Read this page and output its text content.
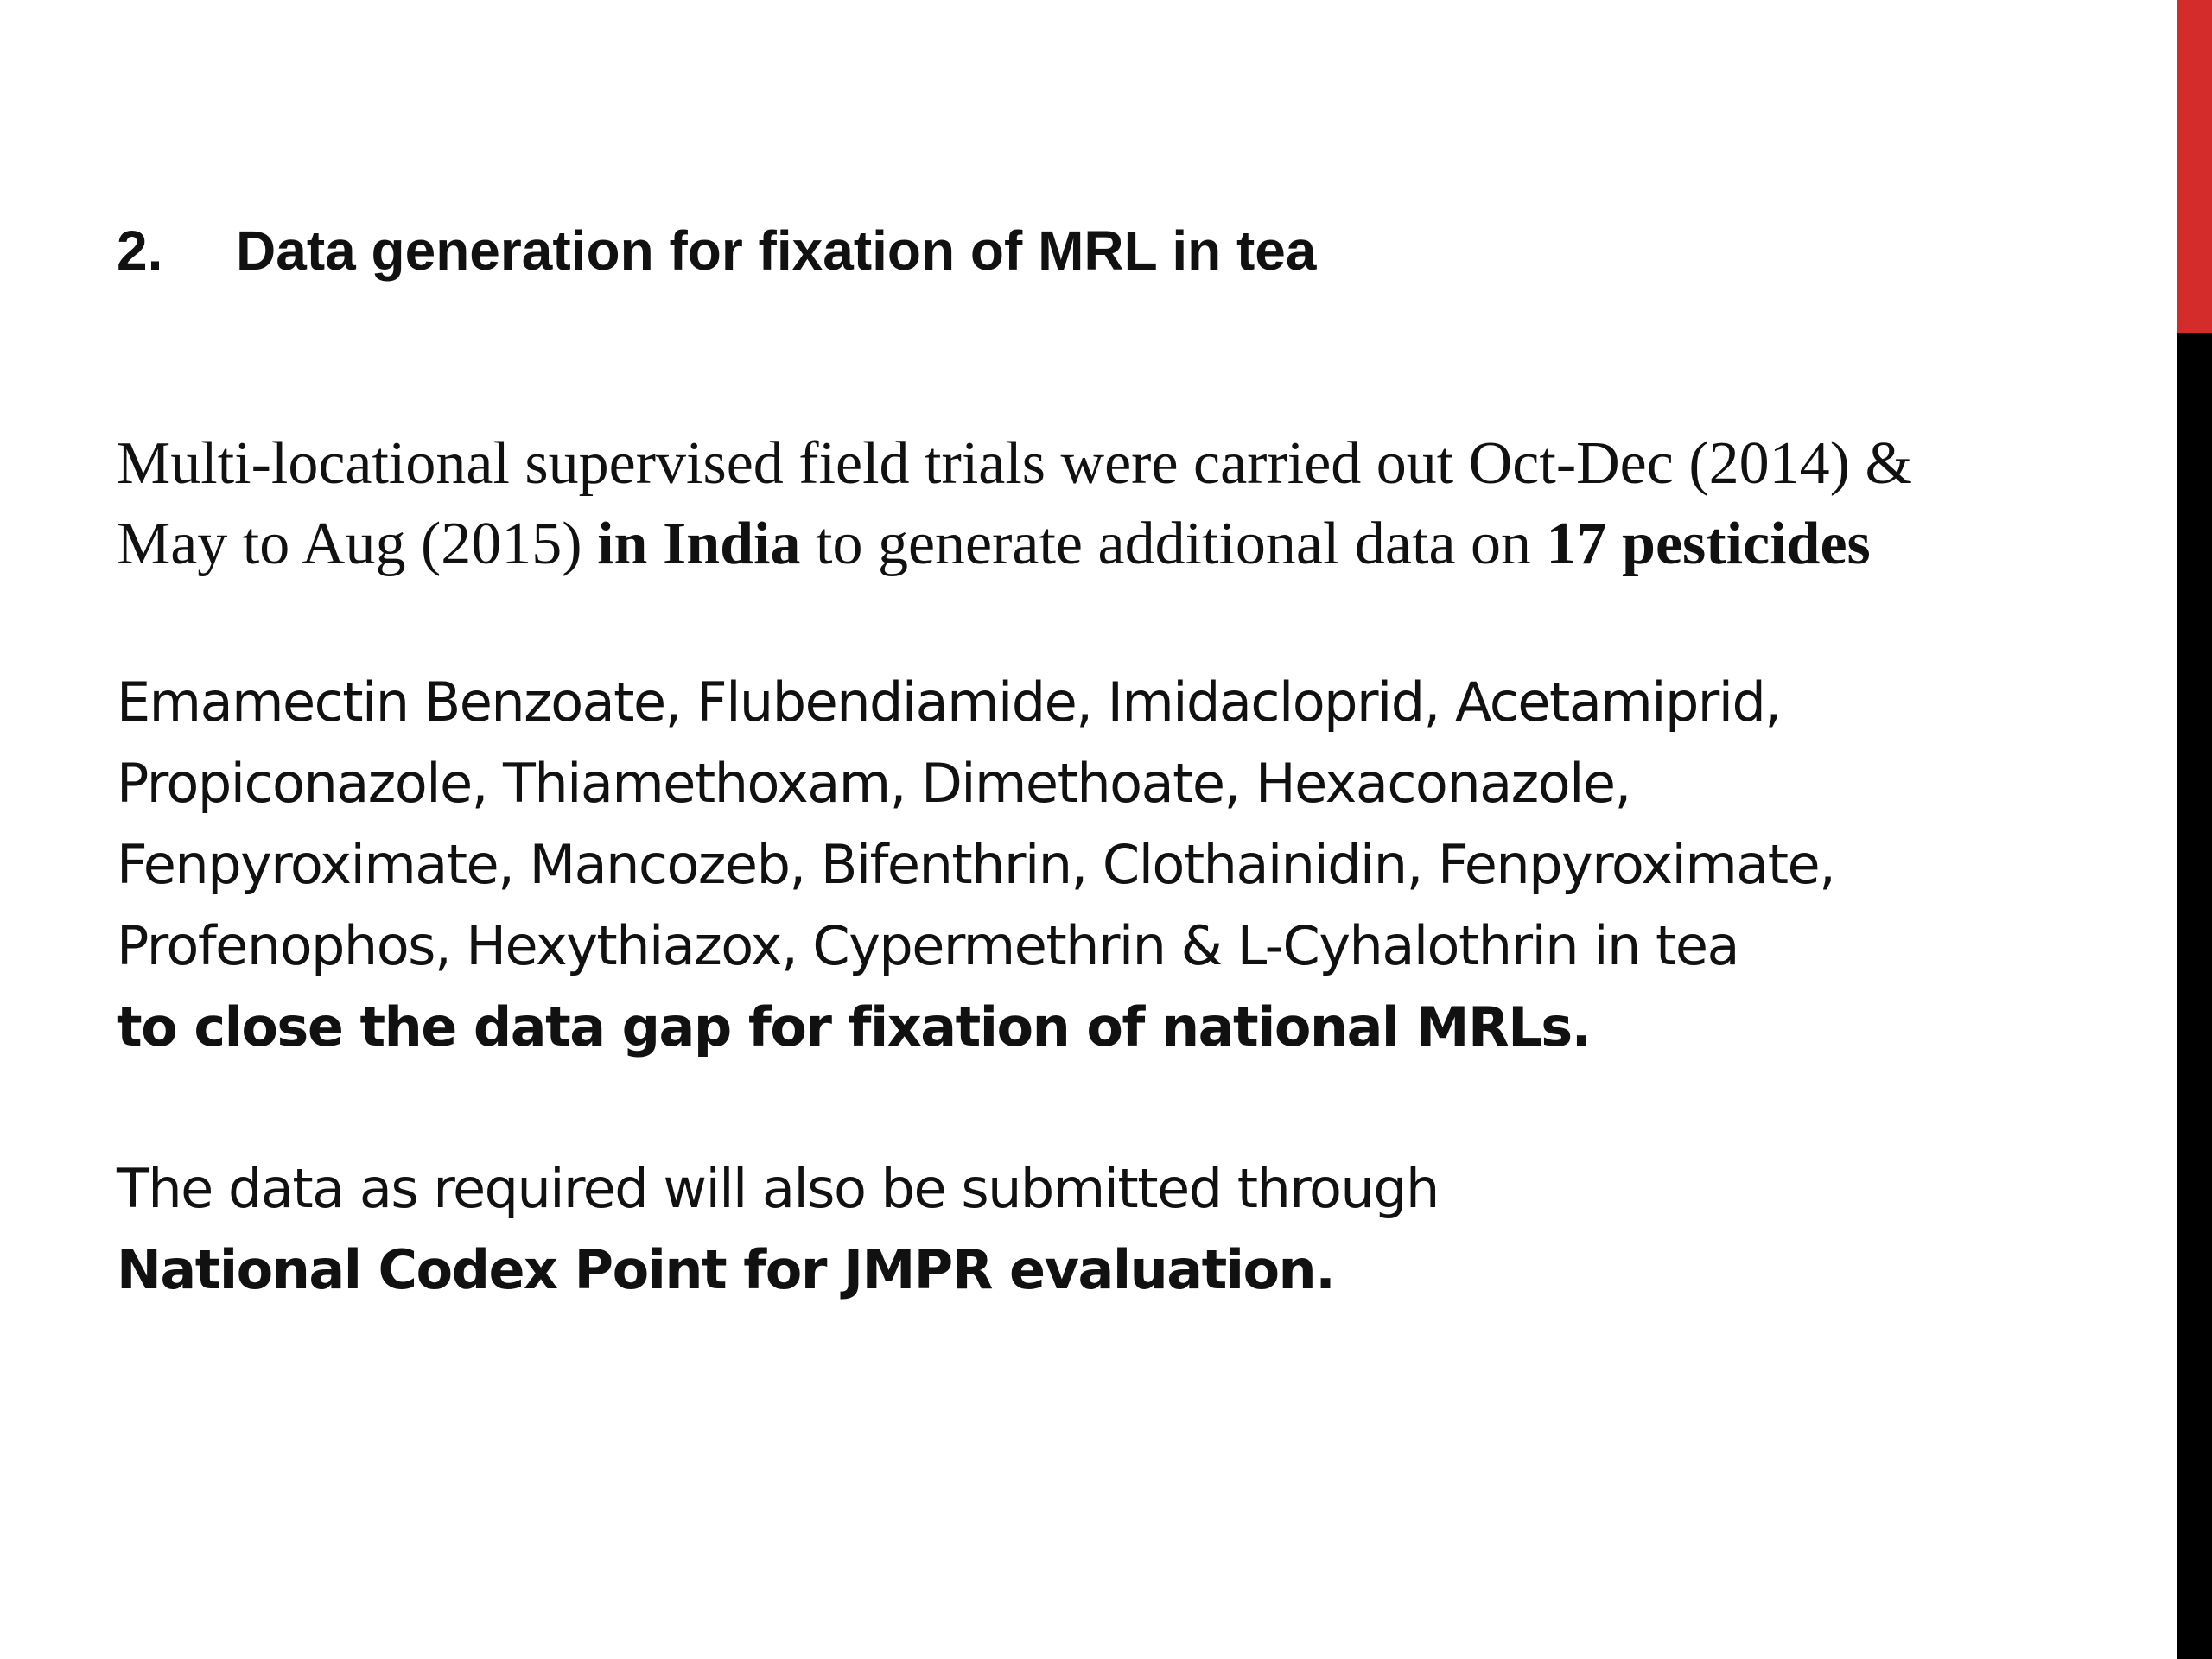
2. Data generation for fixation of MRL in tea
Multi-locational supervised field trials were carried out Oct-Dec (2014) &
May to Aug (2015) in India to generate additional data on 17 pesticides
Emamectin Benzoate, Flubendiamide, Imidacloprid, Acetamiprid,
Propiconazole, Thiamethoxam, Dimethoate, Hexaconazole,
Fenpyroximate, Mancozeb, Bifenthrin, Clothainidin, Fenpyroximate,
Profenophos, Hexythiazox, Cypermethrin & L-Cyhalothrin in tea
to close the data gap for fixation of national MRLs.
The data as required will also be submitted through
National Codex Point for JMPR evaluation.
